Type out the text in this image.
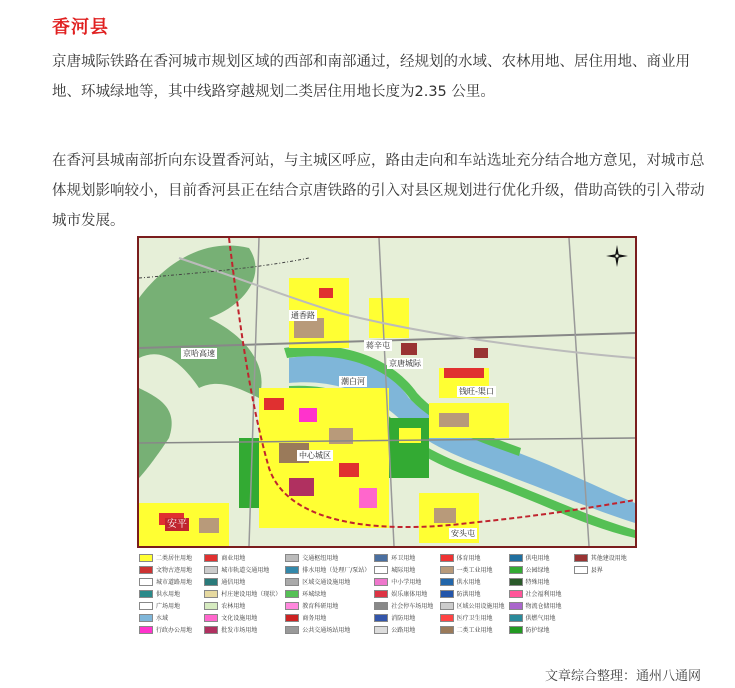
香河县
京唐城际铁路在香河城市规划区域的西部和南部通过，经规划的水域、农林用地、居住用地、商业用地、环城绿地等，其中线路穿越规划二类居住用地长度为2.35 公里。
在香河县城南部折向东设置香河站，与主城区呼应，路由走向和车站选址充分结合地方意见，对城市总体规划影响较小，目前香河县正在结合京唐铁路的引入对县区规划进行优化升级，借助高铁的引入带动城市发展。
京哈高速
通香路
蒋辛屯
潮白河
钱旺-渠口
中心城区
安平
安头屯
京唐城际
二类居住用地
文物古迹用地
城市道路用地
供水用地
广场用地
水域
行政办公用地
商业用地
城市轨道交通用地
通信用地
村庄建设用地（现状）
农林用地
文化设施用地
批发市场用地
交通枢纽用地
排水用地（处理厂/泵站）
区域交通设施用地
环城绿地
教育科研用地
商务用地
公共交通场站用地
环卫用地
城际用地
中小学用地
娱乐康体用地
社会停车场用地
消防用地
公路用地
体育用地
一类工业用地
供水用地
防洪用地
区域公用设施用地
医疗卫生用地
二类工业用地
供电用地
公园绿地
特殊用地
社会福利用地
物流仓储用地
供燃气用地
防护绿地
其他建设用地
县界
文章综合整理：通州八通网
